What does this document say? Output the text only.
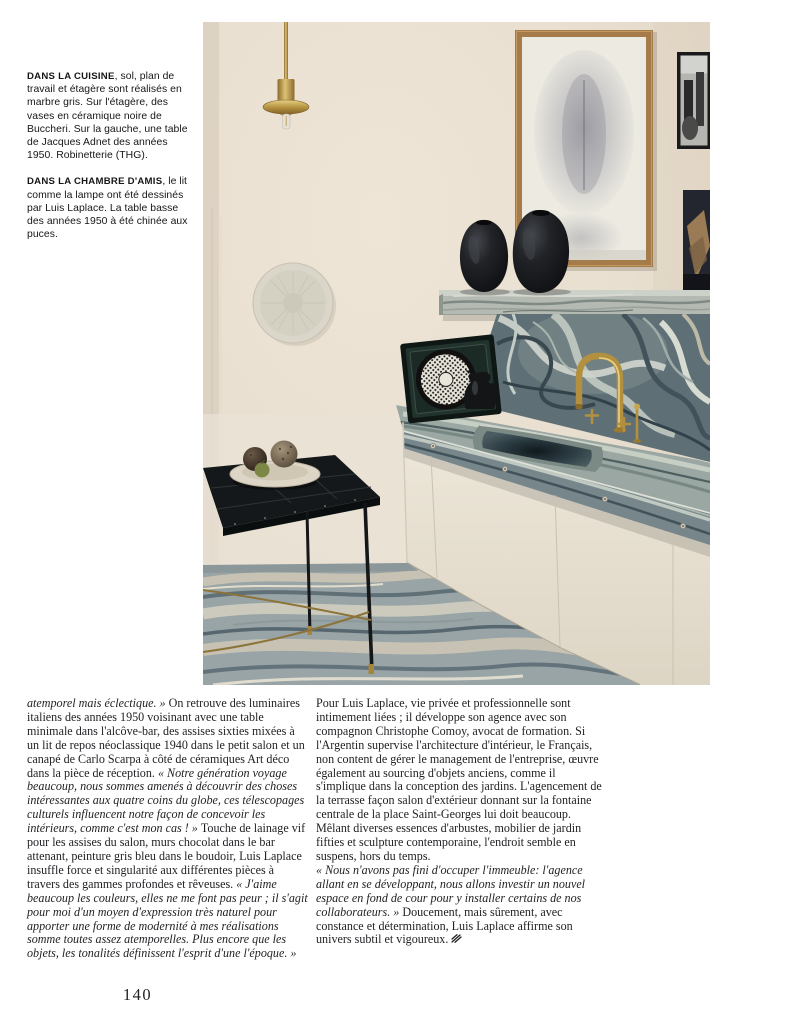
DANS LA CUISINE, sol, plan de travail et étagère sont réalisés en marbre gris. Sur l'étagère, des vases en céramique noire de Buccheri. Sur la gauche, une table de Jacques Adnet des années 1950. Robinetterie (THG).

DANS LA CHAMBRE D'AMIS, le lit comme la lampe ont été dessinés par Luis Laplace. La table basse des années 1950 à été chinée aux puces.

atemporel mais éclectique. » On retrouve des luminaires italiens des années 1950 voisinant avec une table minimale dans l'alcôve-bar, des assises sixties mixées à un lit de repos néoclassique 1940 dans le petit salon et un canapé de Carlo Scarpa à côté de céramiques Art déco dans la pièce de réception. « Notre génération voyage beaucoup, nous sommes amenés à découvrir des choses intéressantes aux quatre coins du globe, ces télescopages culturels influencent notre façon de concevoir les intérieurs, comme c'est mon cas ! » Touche de lainage vif pour les assises du salon, murs chocolat dans le bar attenant, peinture gris bleu dans le boudoir, Luis Laplace insuffle force et singularité aux différentes pièces à travers des gammes profondes et rêveuses. « J'aime beaucoup les couleurs, elles ne me font pas peur ; il s'agit pour moi d'un moyen d'expression très naturel pour apporter une forme de modernité à mes réalisations somme toutes assez atemporelles. Plus encore que les objets, les tonalités définissent l'esprit d'une l'époque. »

Pour Luis Laplace, vie privée et professionnelle sont intimement liées ; il développe son agence avec son compagnon Christophe Comoy, avocat de formation. Si l'Argentin supervise l'architecture d'intérieur, le Français, non content de gérer le management de l'entreprise, œuvre également au sourcing d'objets anciens, comme il s'implique dans la conception des jardins. L'agencement de la terrasse façon salon d'extérieur donnant sur la fontaine centrale de la place Saint-Georges lui doit beaucoup. Mêlant diverses essences d'arbustes, mobilier de jardin fifties et sculpture contemporaine, l'endroit semble en suspens, hors du temps.

« Nous n'avons pas fini d'occuper l'immeuble: l'agence allant en se développant, nous allons investir un nouvel espace en fond de cour pour y installer certains de nos collaborateurs. » Doucement, mais sûrement, avec constance et détermination, Luis Laplace affirme son univers subtil et vigoureux.

140
